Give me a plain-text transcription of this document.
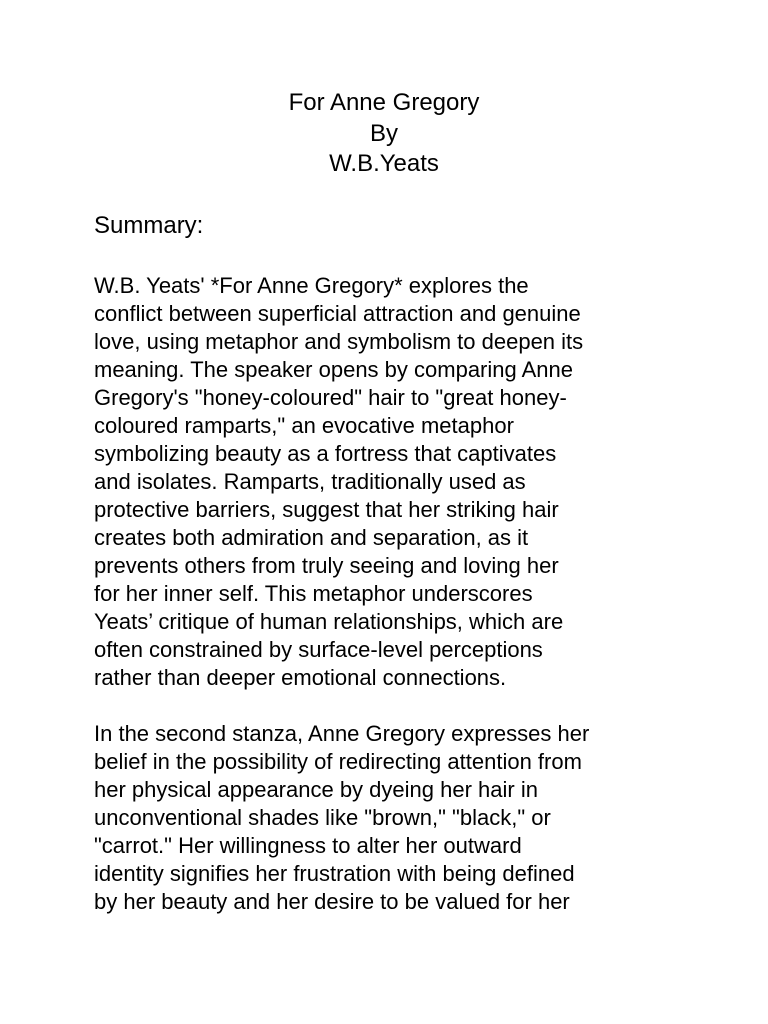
For Anne Gregory
By
W.B.Yeats
Summary:
W.B. Yeats' *For Anne Gregory* explores the
conflict between superficial attraction and genuine
love, using metaphor and symbolism to deepen its
meaning. The speaker opens by comparing Anne
Gregory's "honey-coloured" hair to "great honey-
coloured ramparts," an evocative metaphor
symbolizing beauty as a fortress that captivates
and isolates. Ramparts, traditionally used as
protective barriers, suggest that her striking hair
creates both admiration and separation, as it
prevents others from truly seeing and loving her
for her inner self. This metaphor underscores
Yeats’ critique of human relationships, which are
often constrained by surface-level perceptions
rather than deeper emotional connections.
In the second stanza, Anne Gregory expresses her
belief in the possibility of redirecting attention from
her physical appearance by dyeing her hair in
unconventional shades like "brown," "black," or
"carrot." Her willingness to alter her outward
identity signifies her frustration with being defined
by her beauty and her desire to be valued for her
